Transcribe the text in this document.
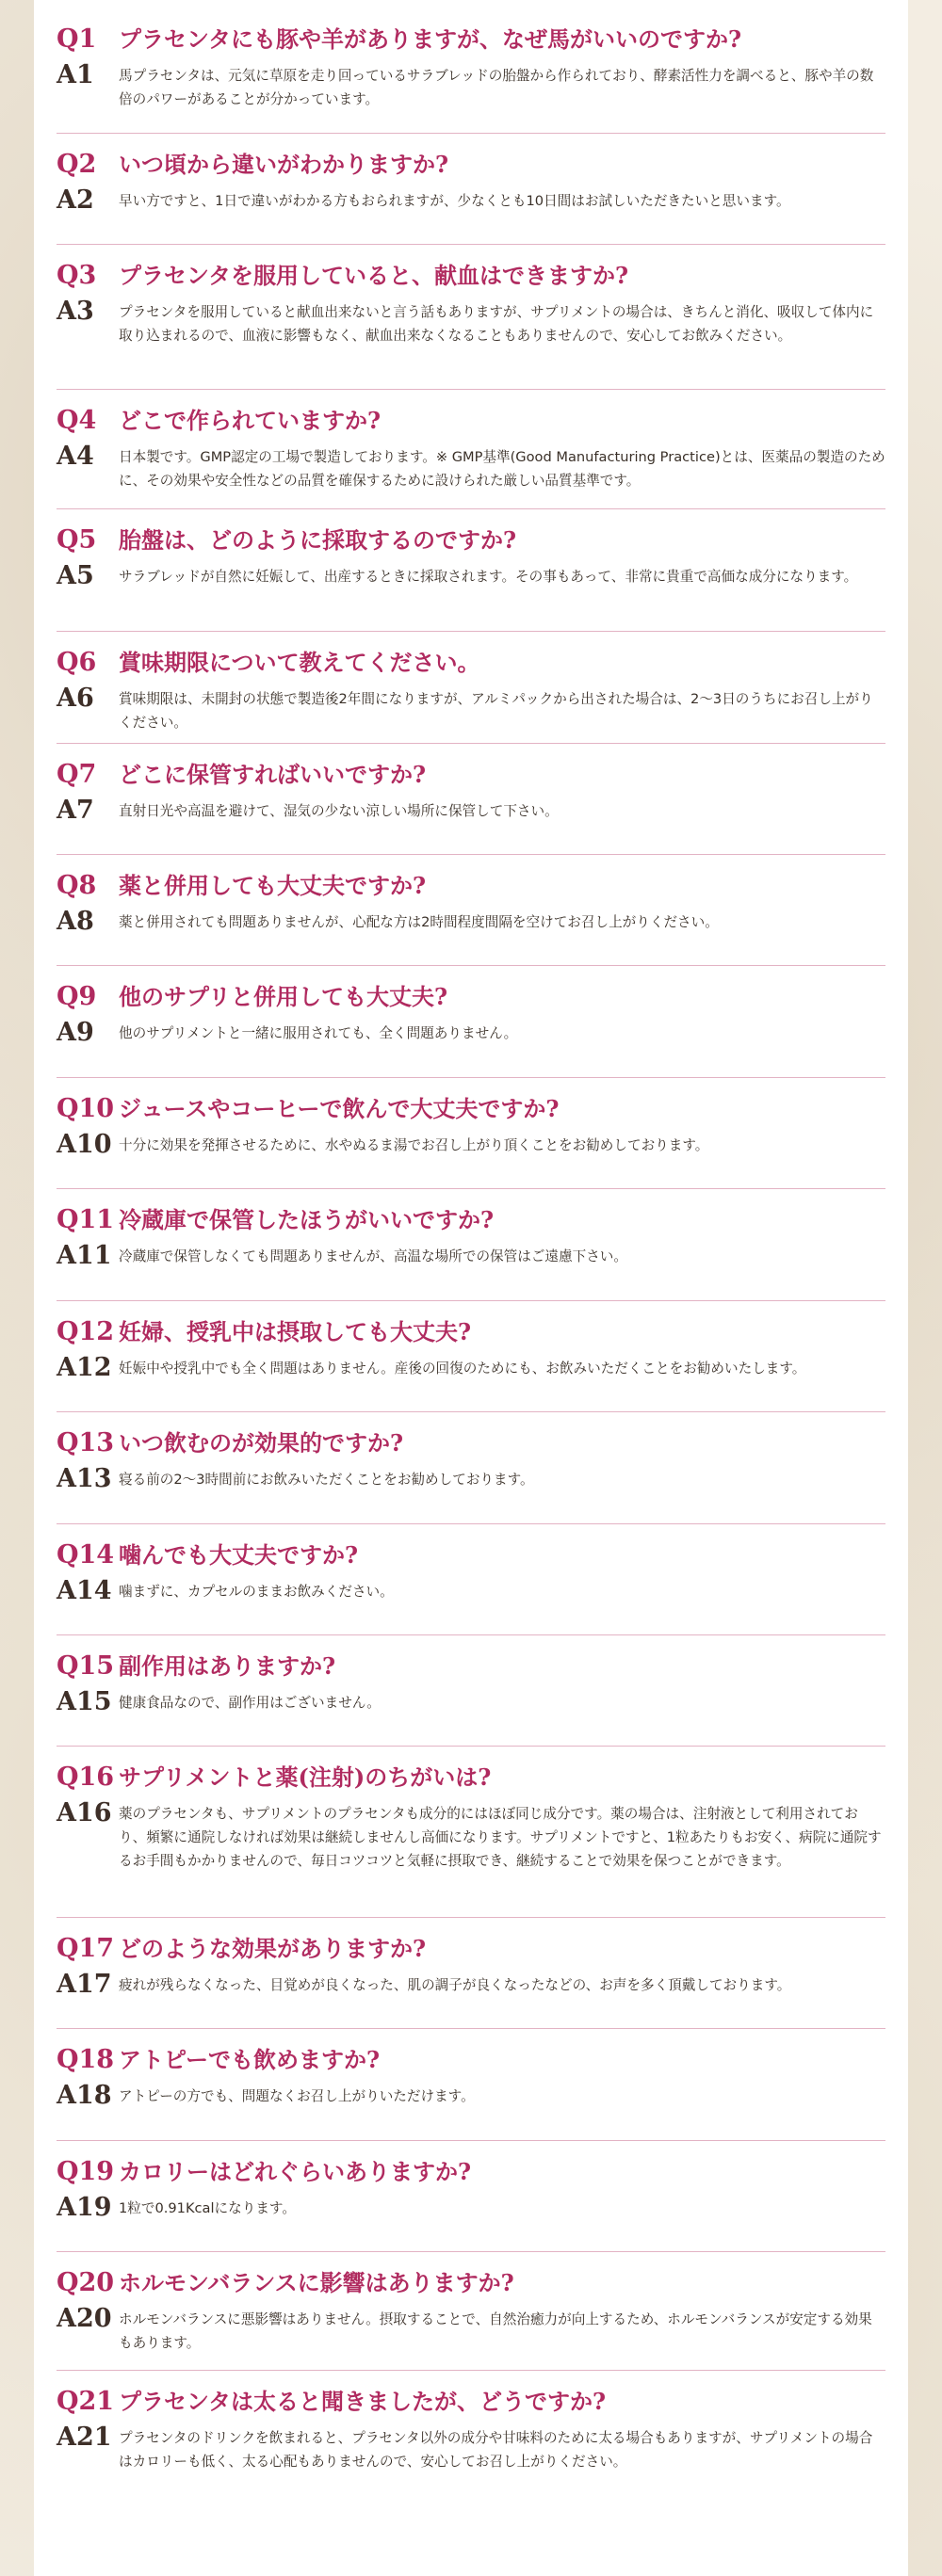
Q1 プラセンタにも豚や羊がありますが、なぜ馬がいいのですか?
A1 馬プラセンタは、元気に草原を走り回っているサラブレッドの胎盤から作られており、酵素活性力を調べると、豚や羊の数倍のパワーがあることが分かっています。
Q2 いつ頃から違いがわかりますか?
A2 早い方ですと、1日で違いがわかる方もおられますが、少なくとも10日間はお試しいただきたいと思います。
Q3 プラセンタを服用していると、献血はできますか?
A3 プラセンタを服用していると献血出来ないと言う話もありますが、サプリメントの場合は、きちんと消化、吸収して体内に取り込まれるので、血液に影響もなく、献血出来なくなることもありませんので、安心してお飲みください。
Q4 どこで作られていますか?
A4 日本製です。GMP認定の工場で製造しております。※ GMP基準(Good Manufacturing Practice)とは、医薬品の製造のために、その効果や安全性などの品質を確保するために設けられた厳しい品質基準です。
Q5 胎盤は、どのように採取するのですか?
A5 サラブレッドが自然に妊娠して、出産するときに採取されます。その事もあって、非常に貴重で高価な成分になります。
Q6 賞味期限について教えてください。
A6 賞味期限は、未開封の状態で製造後2年間になりますが、アルミパックから出された場合は、2〜3日のうちにお召し上がりください。
Q7 どこに保管すればいいですか?
A7 直射日光や高温を避けて、湿気の少ない涼しい場所に保管して下さい。
Q8 薬と併用しても大丈夫ですか?
A8 薬と併用されても問題ありませんが、心配な方は2時間程度間隔を空けてお召し上がりください。
Q9 他のサプリと併用しても大丈夫?
A9 他のサプリメントと一緒に服用されても、全く問題ありません。
Q10 ジュースやコーヒーで飲んで大丈夫ですか?
A10 十分に効果を発揮させるために、水やぬるま湯でお召し上がり頂くことをお勧めしております。
Q11 冷蔵庫で保管したほうがいいですか?
A11 冷蔵庫で保管しなくても問題ありませんが、高温な場所での保管はご遠慮下さい。
Q12 妊婦、授乳中は摂取しても大丈夫?
A12 妊娠中や授乳中でも全く問題はありません。産後の回復のためにも、お飲みいただくことをお勧めいたします。
Q13 いつ飲むのが効果的ですか?
A13 寝る前の2〜3時間前にお飲みいただくことをお勧めしております。
Q14 噛んでも大丈夫ですか?
A14 噛まずに、カプセルのままお飲みください。
Q15 副作用はありますか?
A15 健康食品なので、副作用はございません。
Q16 サプリメントと薬(注射)のちがいは?
A16 薬のプラセンタも、サプリメントのプラセンタも成分的にはほぼ同じ成分です。薬の場合は、注射液として利用されており、頻繁に通院しなければ効果は継続しませんし高価になります。サプリメントですと、1粒あたりもお安く、病院に通院するお手間もかかりませんので、毎日コツコツと気軽に摂取でき、継続することで効果を保つことができます。
Q17 どのような効果がありますか?
A17 疲れが残らなくなった、目覚めが良くなった、肌の調子が良くなったなどの、お声を多く頂戴しております。
Q18 アトピーでも飲めますか?
A18 アトピーの方でも、問題なくお召し上がりいただけます。
Q19 カロリーはどれぐらいありますか?
A19 1粒で0.91Kcalになります。
Q20 ホルモンバランスに影響はありますか?
A20 ホルモンバランスに悪影響はありません。摂取することで、自然治癒力が向上するため、ホルモンバランスが安定する効果もあります。
Q21 プラセンタは太ると聞きましたが、どうですか?
A21 プラセンタのドリンクを飲まれると、プラセンタ以外の成分や甘味料のために太る場合もありますが、サプリメントの場合はカロリーも低く、太る心配もありませんので、安心してお召し上がりください。
